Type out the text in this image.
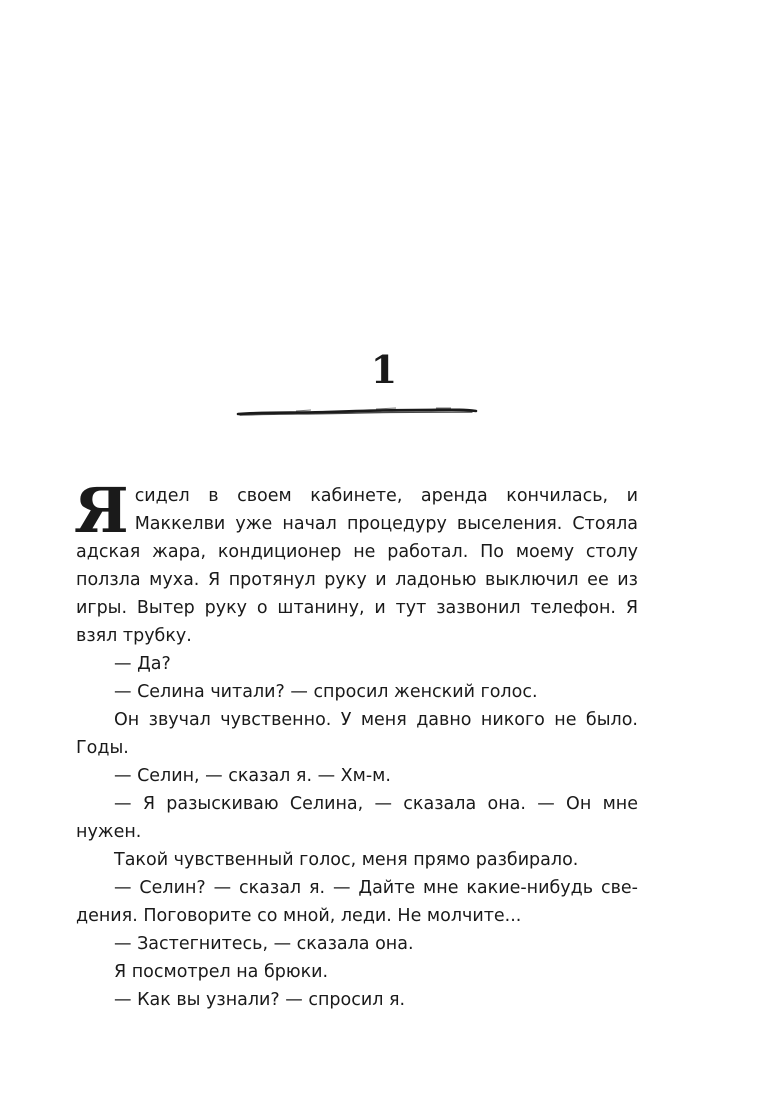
1

Ясидел в своем кабинете, аренда кончилась, и Маккелви уже начал процедуру выселения. Стояла адская жара, кондиционер не работал. По моему столу ползла муха. Я протянул руку и ладонью выключил ее из игры. Вытер руку о штанину, и тут зазвонил телефон. Я взял трубку.

— Да?

— Селина читали? — спросил женский голос.

Он звучал чувственно. У меня давно никого не было. Годы.

— Селин, — сказал я. — Хм-м.

— Я разыскиваю Селина, — сказала она. — Он мне нужен.

Такой чувственный голос, меня прямо разбирало.

— Селин? — сказал я. — Дайте мне какие-нибудь сведения. Поговорите со мной, леди. Не молчите...

— Застегнитесь, — сказала она.

Я посмотрел на брюки.

— Как вы узнали? — спросил я.
